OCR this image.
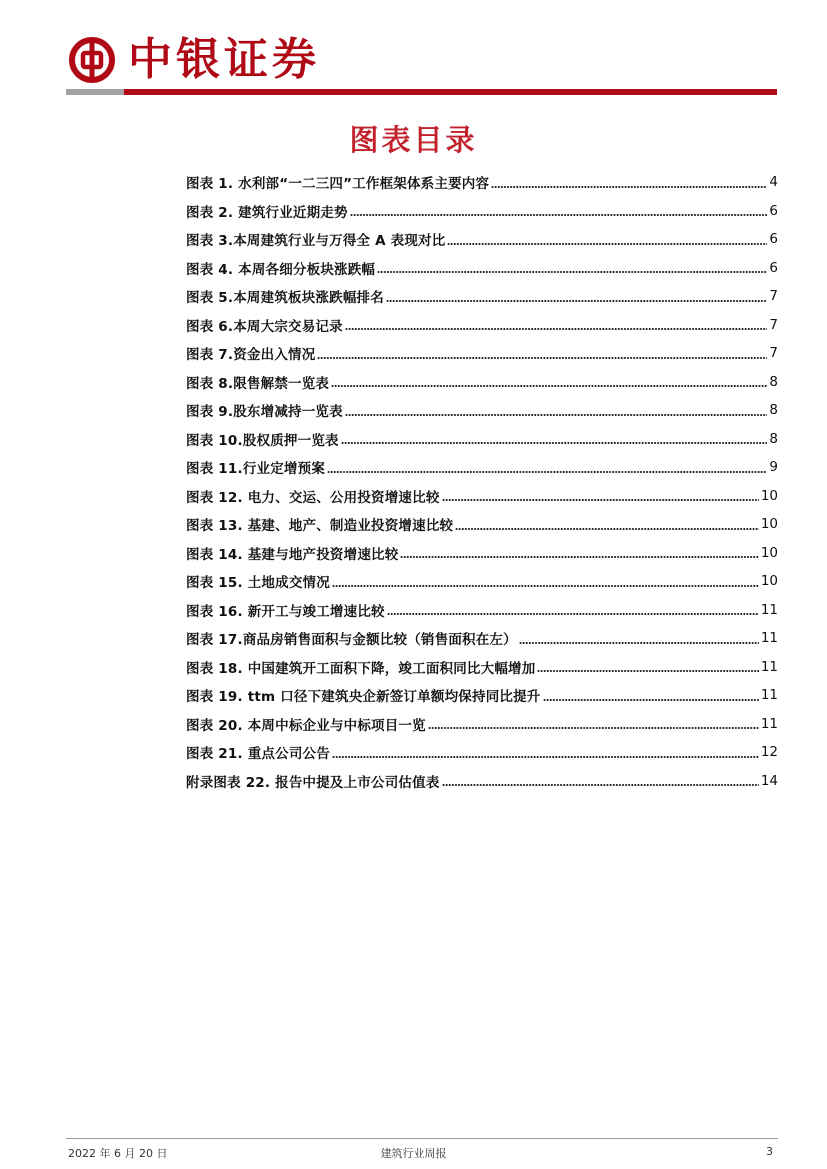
中银证券
图表目录
图表 1. 水利部“一二三四”工作框架体系主要内容	4
图表 2. 建筑行业近期走势	6
图表 3.本周建筑行业与万得全 A 表现对比	6
图表 4. 本周各细分板块涨跌幅	6
图表 5.本周建筑板块涨跌幅排名	7
图表 6.本周大宗交易记录	7
图表 7.资金出入情况	7
图表 8.限售解禁一览表	8
图表 9.股东增减持一览表	8
图表 10.股权质押一览表	8
图表 11.行业定增预案	9
图表 12. 电力、交运、公用投资增速比较	10
图表 13. 基建、地产、制造业投资增速比较	10
图表 14. 基建与地产投资增速比较	10
图表 15. 土地成交情况	10
图表 16. 新开工与竣工增速比较	11
图表 17.商品房销售面积与金额比较（销售面积在左）	11
图表 18. 中国建筑开工面积下降，竣工面积同比大幅增加	11
图表 19. ttm 口径下建筑央企新签订单额均保持同比提升	11
图表 20. 本周中标企业与中标项目一览	11
图表 21. 重点公司公告	12
附录图表 22. 报告中提及上市公司估值表	14
2022 年 6 月 20 日	建筑行业周报	3
